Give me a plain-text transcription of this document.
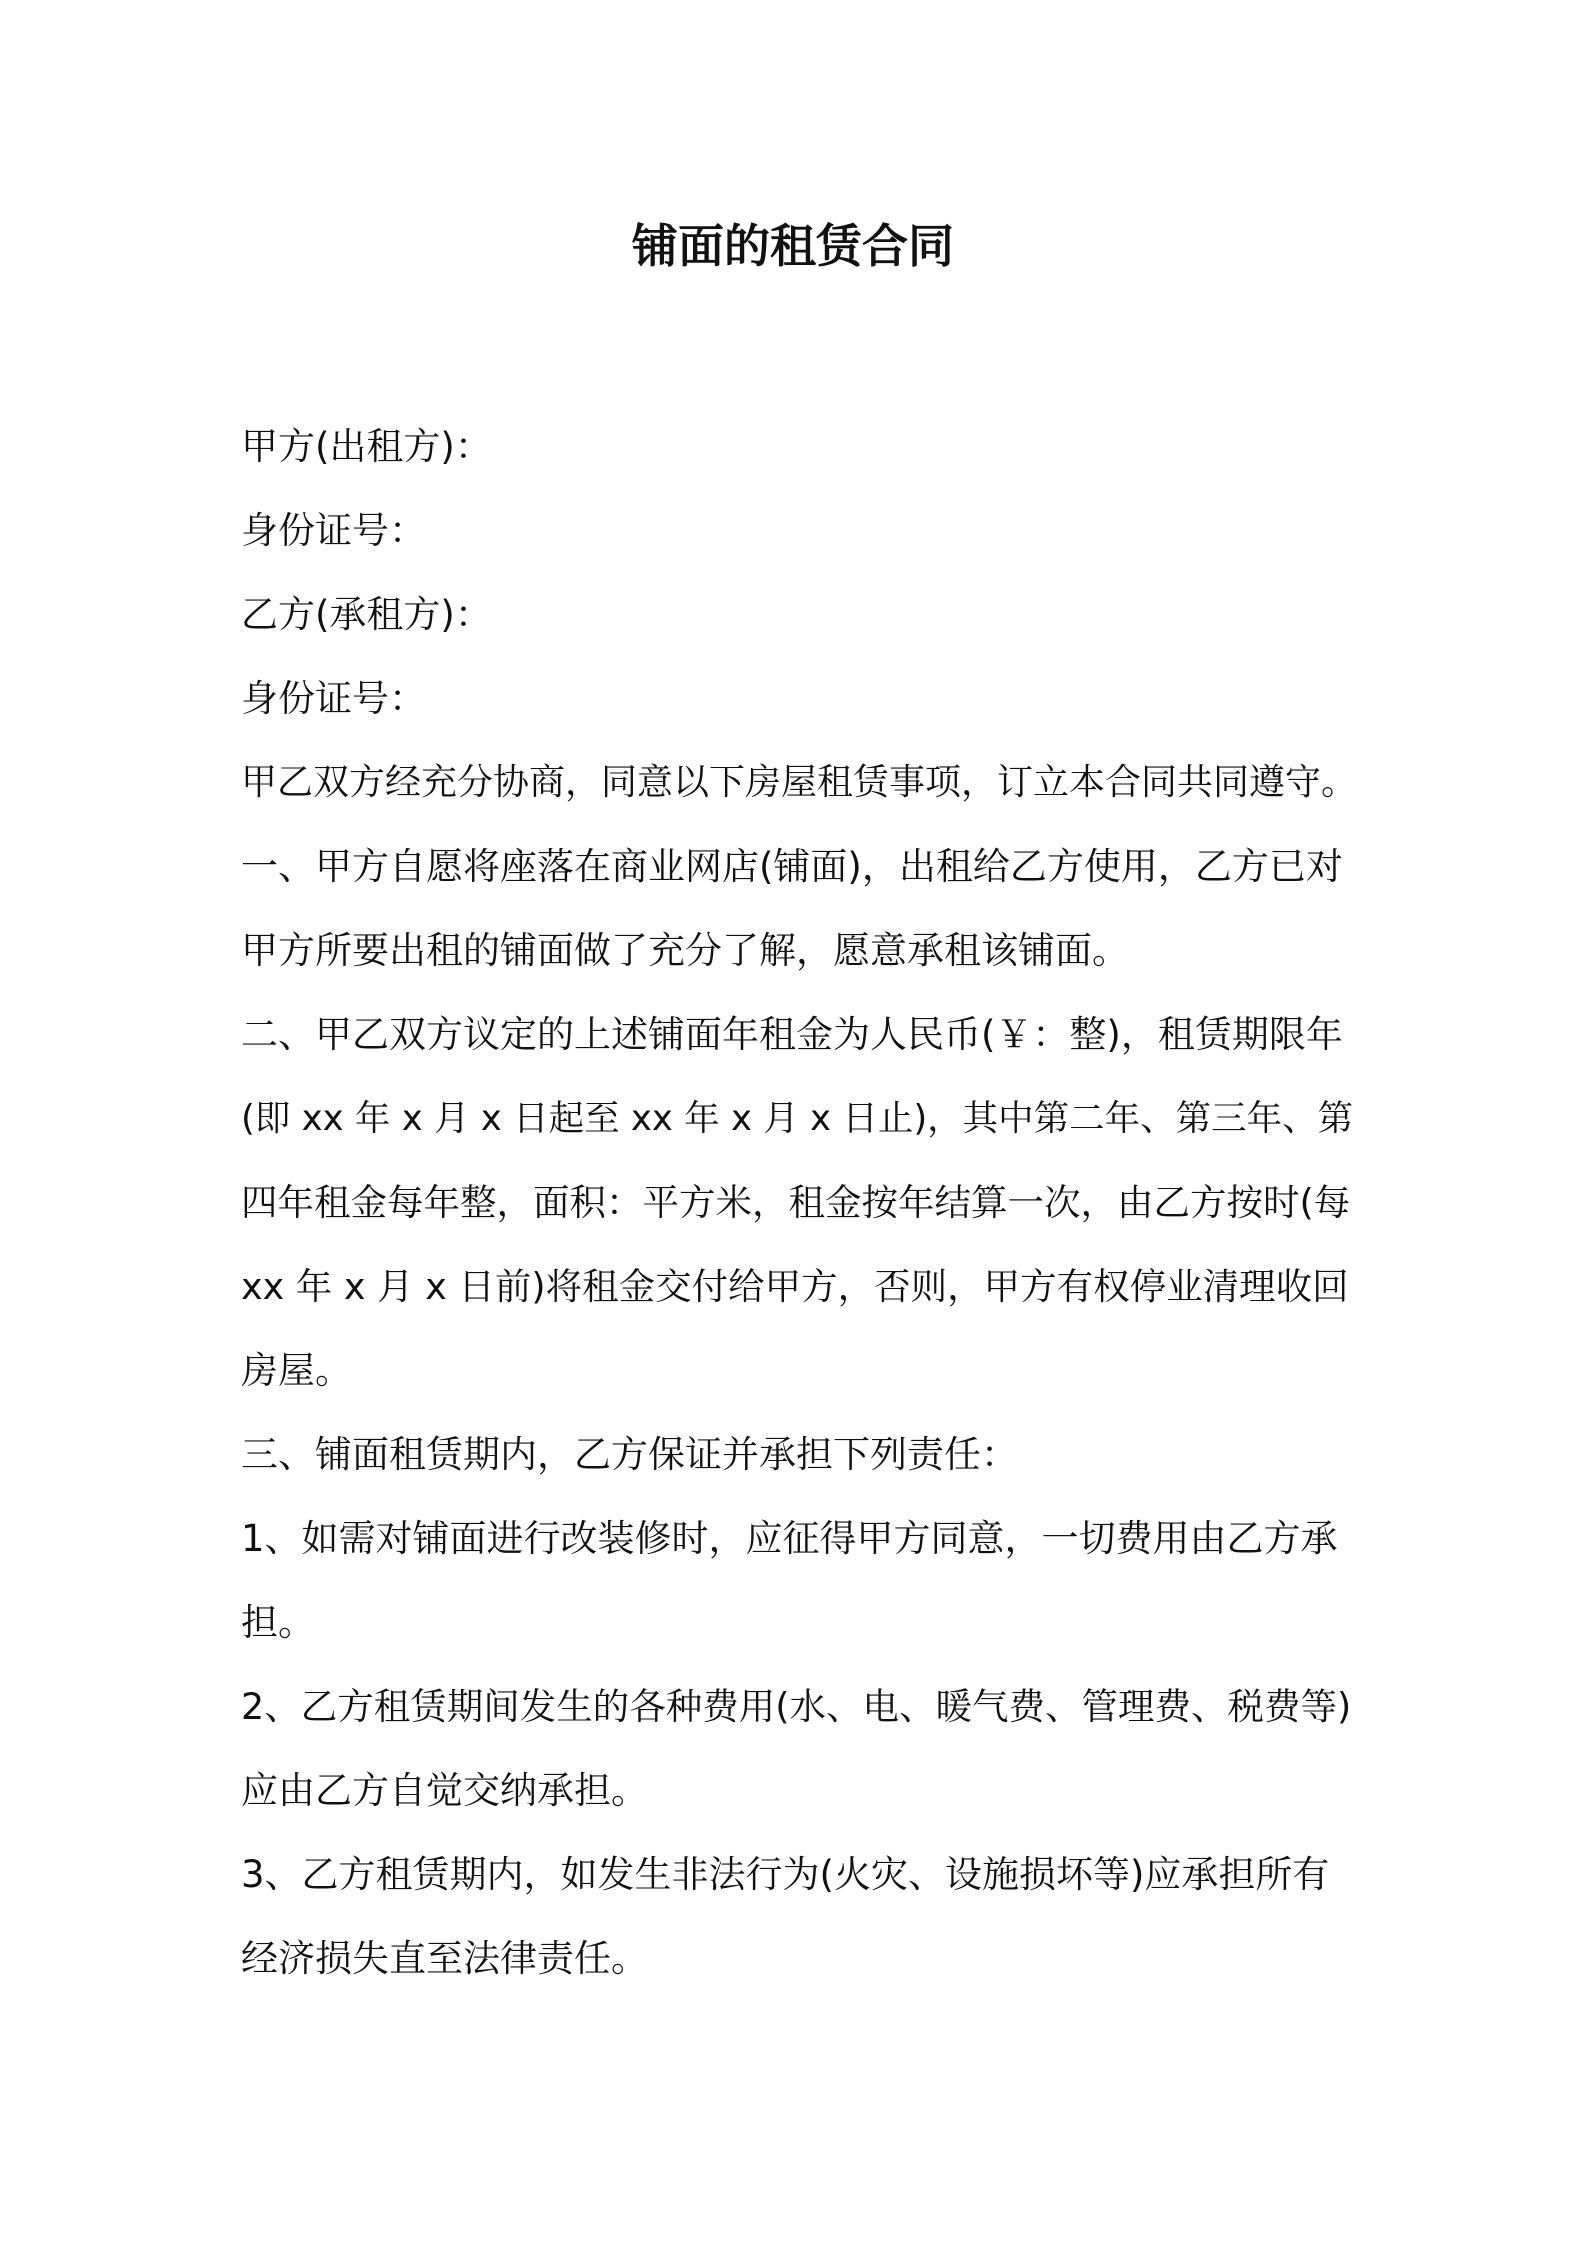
铺面的租赁合同
甲方(出租方)：
身份证号：
乙方(承租方)：
身份证号：
甲乙双方经充分协商，同意以下房屋租赁事项，订立本合同共同遵守。
一、甲方自愿将座落在商业网店(铺面)，出租给乙方使用，乙方已对
甲方所要出租的铺面做了充分了解，愿意承租该铺面。
二、甲乙双方议定的上述铺面年租金为人民币(￥：整)，租赁期限年
(即 xx 年 x 月 x 日起至 xx 年 x 月 x 日止)，其中第二年、第三年、第
四年租金每年整，面积：平方米，租金按年结算一次，由乙方按时(每
xx 年 x 月 x 日前)将租金交付给甲方，否则，甲方有权停业清理收回
房屋。
三、铺面租赁期内，乙方保证并承担下列责任：
1、如需对铺面进行改装修时，应征得甲方同意，一切费用由乙方承
担。
2、乙方租赁期间发生的各种费用(水、电、暖气费、管理费、税费等)
应由乙方自觉交纳承担。
3、乙方租赁期内，如发生非法行为(火灾、设施损坏等)应承担所有
经济损失直至法律责任。
